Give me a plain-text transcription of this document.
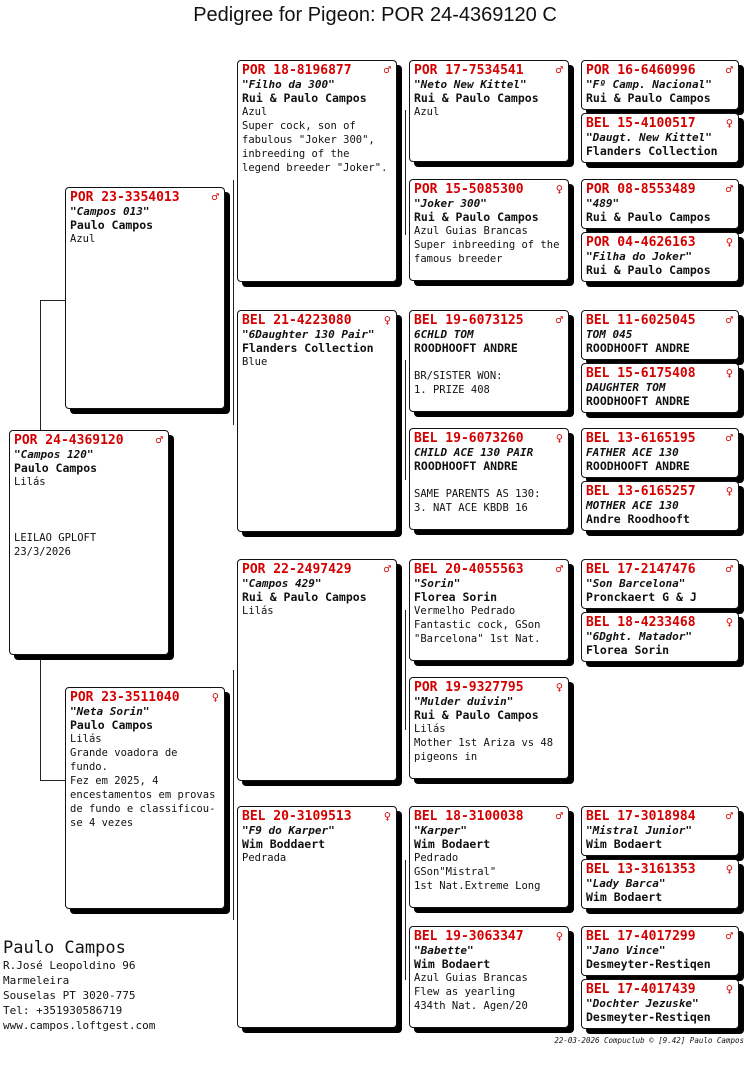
Pedigree for Pigeon: POR 24-4369120 C
POR 24-4369120	♂
"Campos 120"
Paulo Campos
Lilás

LEILAO GPLOFT
23/3/2026
POR 23-3354013	♂
"Campos 013"
Paulo Campos
Azul
POR 23-3511040	♀
"Neta Sorin"
Paulo Campos
Lilás
Grande voadora de fundo.
Fez em 2025, 4 encestamentos em provas de fundo e classificou-se 4 vezes
POR 18-8196877	♂
"Filho da 300"
Rui & Paulo Campos
Azul
Super cock, son of fabulous "Joker 300", inbreeding of the legend breeder "Joker".
BEL 21-4223080	♀
"6Daughter 130 Pair"
Flanders Collection
Blue
POR 22-2497429	♂
"Campos 429"
Rui & Paulo Campos
Lilás
BEL 20-3109513	♀
"F9 do Karper"
Wim Boddaert
Pedrada
POR 17-7534541	♂
"Neto New Kittel"
Rui & Paulo Campos
Azul
POR 15-5085300	♀
"Joker 300"
Rui & Paulo Campos
Azul Guias Brancas
Super inbreeding of the famous breeder
BEL 19-6073125	♂
6CHLD TOM
ROODHOOFT ANDRE

BR/SISTER WON:
1. PRIZE 408
BEL 19-6073260	♀
CHILD ACE 130 PAIR
ROODHOOFT ANDRE

SAME PARENTS AS 130:
3. NAT ACE KBDB 16
BEL 20-4055563	♂
"Sorin"
Florea Sorin
Vermelho Pedrado
Fantastic cock, GSon "Barcelona" 1st Nat.
POR 19-9327795	♀
"Mulder duivin"
Rui & Paulo Campos
Lilás
Mother 1st Ariza vs 48 pigeons in
BEL 18-3100038	♂
"Karper"
Wim Bodaert
Pedrado
GSon"Mistral"
1st Nat.Extreme Long
BEL 19-3063347	♀
"Babette"
Wim Bodaert
Azul Guias Brancas
Flew as yearling
434th Nat. Agen/20
POR 16-6460996	♂
"Fº Camp. Nacional"
Rui & Paulo Campos
BEL 15-4100517	♀
"Daugt. New Kittel"
Flanders Collection
POR 08-8553489	♂
"489"
Rui & Paulo Campos
POR 04-4626163	♀
"Filha do Joker"
Rui & Paulo Campos
BEL 11-6025045	♂
TOM 045
ROODHOOFT ANDRE
BEL 15-6175408	♀
DAUGHTER TOM
ROODHOOFT ANDRE
BEL 13-6165195	♂
FATHER ACE 130
ROODHOOFT ANDRE
BEL 13-6165257	♀
MOTHER ACE 130
Andre Roodhooft
BEL 17-2147476	♂
"Son Barcelona"
Pronckaert G & J
BEL 18-4233468	♀
"6Dght. Matador"
Florea Sorin
BEL 17-3018984	♂
"Mistral Junior"
Wim Bodaert
BEL 13-3161353	♀
"Lady Barca"
Wim Bodaert
BEL 17-4017299	♂
"Jano Vince"
Desmeyter-Restiqen
BEL 17-4017439	♀
"Dochter Jezuske"
Desmeyter-Restiqen
Paulo Campos
R.José Leopoldino 96
Marmeleira
Souselas PT 3020-775
Tel: +351930586719
www.campos.loftgest.com
22-03-2026 Compuclub © [9.42] Paulo Campos
